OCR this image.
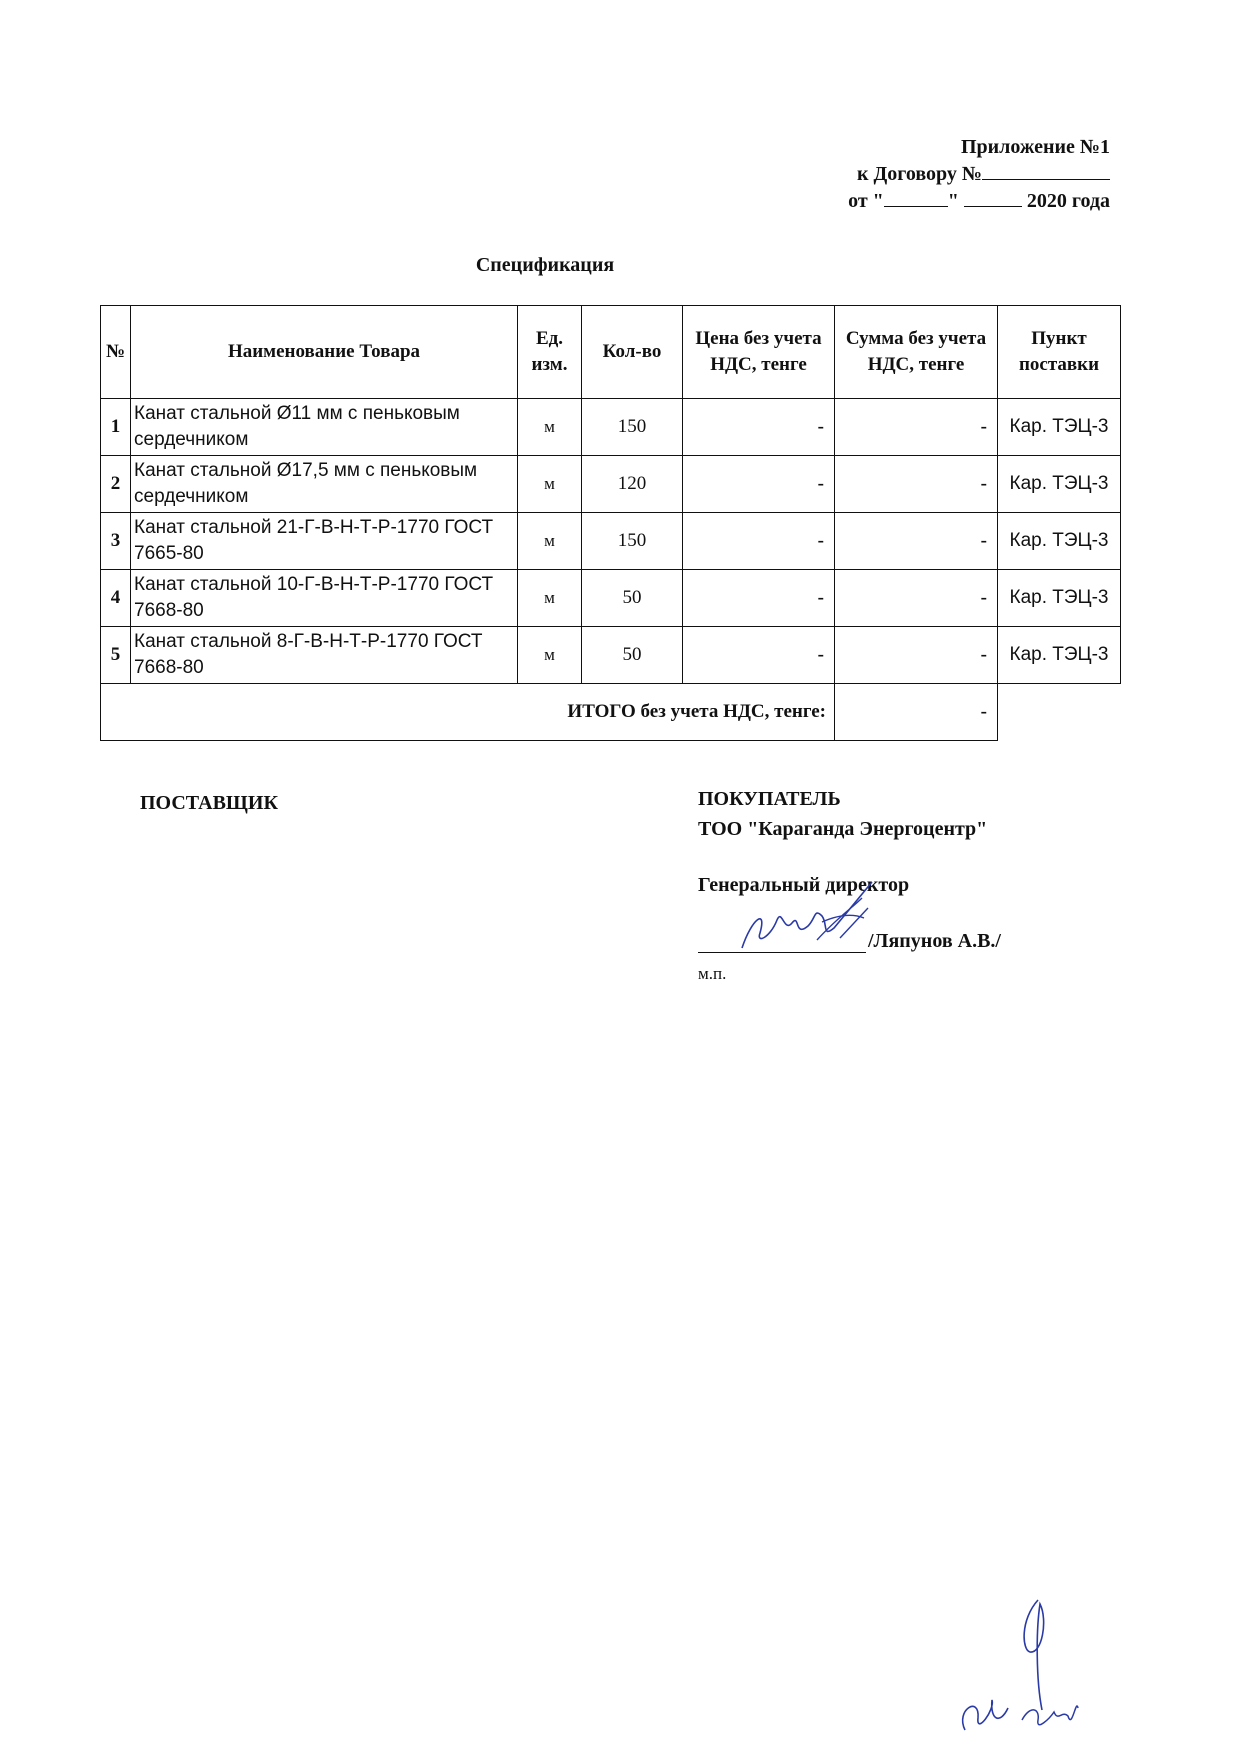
Приложение №1
к Договору №
от "	"	2020 года
Спецификация
№	Наименование Товара	Ед. изм.	Кол-во	Цена без учета НДС, тенге	Сумма без учета НДС, тенге	Пункт поставки
1	Канат стальной Ø11 мм с пеньковым сердечником	м	150	-	-	Кар. ТЭЦ-3
2	Канат стальной Ø17,5 мм с пеньковым сердечником	м	120	-	-	Кар. ТЭЦ-3
3	Канат стальной 21-Г-В-Н-Т-Р-1770 ГОСТ 7665-80	м	150	-	-	Кар. ТЭЦ-3
4	Канат стальной 10-Г-В-Н-Т-Р-1770 ГОСТ 7668-80	м	50	-	-	Кар. ТЭЦ-3
5	Канат стальной 8-Г-В-Н-Т-Р-1770 ГОСТ 7668-80	м	50	-	-	Кар. ТЭЦ-3
ИТОГО без учета НДС, тенге:					-	
ПОСТАВЩИК	ПОКУПАТЕЛЬ
ТОО "Караганда Энергоцентр"
Генеральный директор
/Ляпунов А.В./
м.п.
